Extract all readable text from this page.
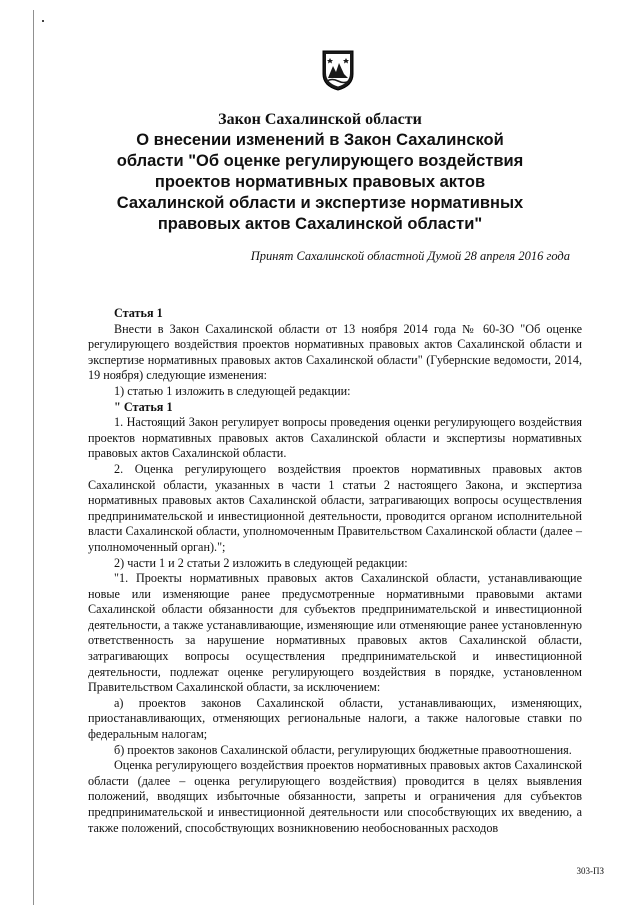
Закон Сахалинской области
О внесении изменений в Закон Сахалинской
области "Об оценке регулирующего воздействия
проектов нормативных правовых актов
Сахалинской области и экспертизе нормативных
правовых актов Сахалинской области"
Принят Сахалинской областной Думой 28 апреля 2016 года

Статья 1

Внести в Закон Сахалинской области от 13 ноября 2014 года № 60-ЗО "Об оценке регулирующего воздействия проектов нормативных правовых актов Сахалинской области и экспертизе нормативных правовых актов Сахалинской области" (Губернские ведомости, 2014, 19 ноября) следующие изменения:

1) статью 1 изложить в следующей редакции:

" Статья 1

1. Настоящий Закон регулирует вопросы проведения оценки регулирующего воздействия проектов нормативных правовых актов Сахалинской области и экспертизы нормативных правовых актов Сахалинской области.

2. Оценка регулирующего воздействия проектов нормативных правовых актов Сахалинской области, указанных в части 1 статьи 2 настоящего Закона, и экспертиза нормативных правовых актов Сахалинской области, затрагивающих вопросы осуществления предпринимательской и инвестиционной деятельности, проводится органом исполнительной власти Сахалинской области, уполномоченным Правительством Сахалинской области (далее – уполномоченный орган).";

2) части 1 и 2 статьи 2 изложить в следующей редакции:

"1. Проекты нормативных правовых актов Сахалинской области, устанавливающие новые или изменяющие ранее предусмотренные нормативными правовыми актами Сахалинской области обязанности для субъектов предпринимательской и инвестиционной деятельности, а также устанавливающие, изменяющие или отменяющие ранее установленную ответственность за нарушение нормативных правовых актов Сахалинской области, затрагивающих вопросы осуществления предпринимательской и инвестиционной деятельности, подлежат оценке регулирующего воздействия в порядке, установленном Правительством Сахалинской области, за исключением:

а) проектов законов Сахалинской области, устанавливающих, изменяющих, приостанавливающих, отменяющих региональные налоги, а также налоговые ставки по федеральным налогам;

б) проектов законов Сахалинской области, регулирующих бюджетные правоотношения.

Оценка регулирующего воздействия проектов нормативных правовых актов Сахалинской области (далее – оценка регулирующего воздействия) проводится в целях выявления положений, вводящих избыточные обязанности, запреты и ограничения для субъектов предпринимательской и инвестиционной деятельности или способствующих их введению, а также положений, способствующих возникновению необоснованных расходов

303-ПЗ
